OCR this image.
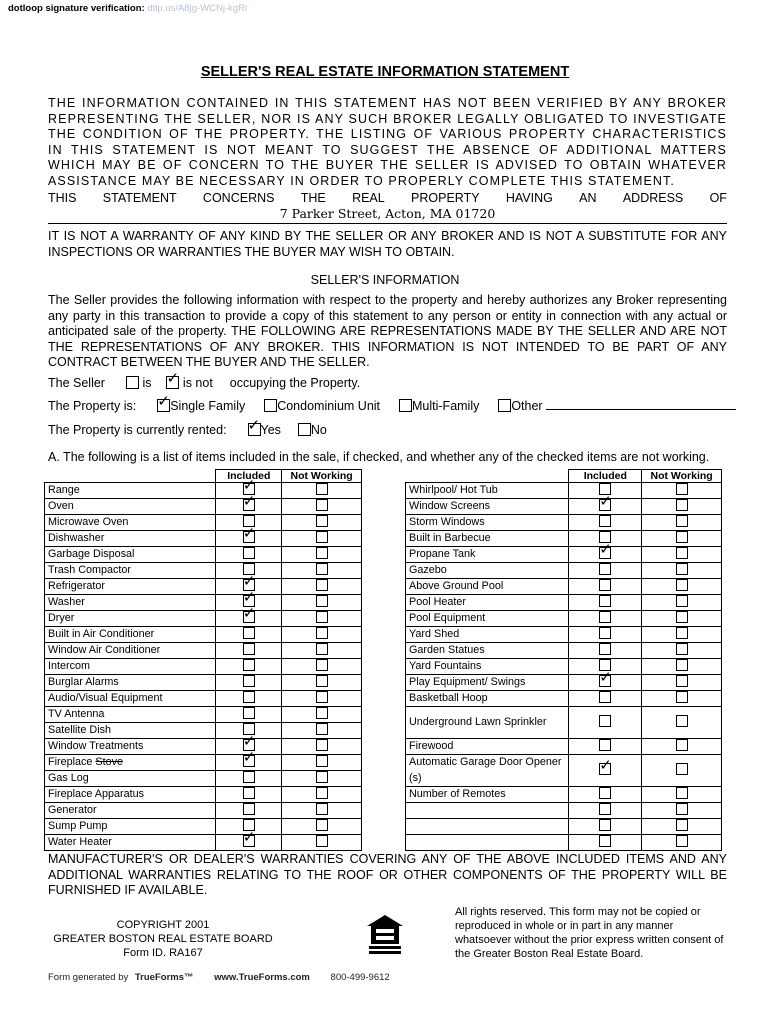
dotloop signature verification: dtlp.us/A8jg-WCNj-kgRi
SELLER'S REAL ESTATE INFORMATION STATEMENT
THE INFORMATION CONTAINED IN THIS STATEMENT HAS NOT BEEN VERIFIED BY ANY BROKER REPRESENTING THE SELLER, NOR IS ANY SUCH BROKER LEGALLY OBLIGATED TO INVESTIGATE THE CONDITION OF THE PROPERTY. THE LISTING OF VARIOUS PROPERTY CHARACTERISTICS IN THIS STATEMENT IS NOT MEANT TO SUGGEST THE ABSENCE OF ADDITIONAL MATTERS WHICH MAY BE OF CONCERN TO THE BUYER THE SELLER IS ADVISED TO OBTAIN WHATEVER ASSISTANCE MAY BE NECESSARY IN ORDER TO PROPERLY COMPLETE THIS STATEMENT.
THIS STATEMENT CONCERNS THE REAL PROPERTY HAVING AN ADDRESS OF
7 Parker Street, Acton, MA 01720
IT IS NOT A WARRANTY OF ANY KIND BY THE SELLER OR ANY BROKER AND IS NOT A SUBSTITUTE FOR ANY INSPECTIONS OR WARRANTIES THE BUYER MAY WISH TO OBTAIN.
SELLER'S INFORMATION
The Seller provides the following information with respect to the property and hereby authorizes any Broker representing any party in this transaction to provide a copy of this statement to any person or entity in connection with any actual or anticipated sale of the property. THE FOLLOWING ARE REPRESENTATIONS MADE BY THE SELLER AND ARE NOT THE REPRESENTATIONS OF ANY BROKER. THIS INFORMATION IS NOT INTENDED TO BE PART OF ANY CONTRACT BETWEEN THE BUYER AND THE SELLER.
The Seller	is ✓ is not occupying the Property.
The Property is: ✓ Single Family	Condominium Unit	Multi-Family	Other
The Property is currently rented: ✓ Yes No
A. The following is a list of items included in the sale, if checked, and whether any of the checked items are not working.
	Included	Not Working
Range	✓	

Oven	✓	

Microwave Oven		
Dishwasher	✓	

Garbage Disposal		
Trash Compactor		
Refrigerator	✓	

Washer	✓	

Dryer	✓	

Built in Air Conditioner		
Window Air Conditioner		
Intercom		
Burglar Alarms		
Audio/Visual Equipment		
TV Antenna		
Satellite Dish		
Window Treatments	✓	

Fireplace Stove	✓	

Gas Log		
Fireplace Apparatus		
Generator		
Sump Pump		
Water Heater	✓	

	Included	Not Working
Whirlpool/ Hot Tub		
Window Screens	✓	

Storm Windows		
Built in Barbecue		
Propane Tank	✓	

Gazebo		
Above Ground Pool		
Pool Heater		
Pool Equipment		
Yard Shed		
Garden Statues		
Yard Fountains		
Play Equipment/ Swings	✓	

Basketball Hoop		
Underground Lawn Sprinkler		
Firewood		
Automatic Garage Door Opener (s)	✓	

Number of Remotes		

MANUFACTURER'S OR DEALER'S WARRANTIES COVERING ANY OF THE ABOVE INCLUDED ITEMS AND ANY ADDITIONAL WARRANTIES RELATING TO THE ROOF OR OTHER COMPONENTS OF THE PROPERTY WILL BE FURNISHED IF AVAILABLE.
COPYRIGHT 2001
GREATER BOSTON REAL ESTATE BOARD
Form ID. RA167
All rights reserved. This form may not be copied or reproduced in whole or in part in any manner whatsoever without the prior express written consent of the Greater Boston Real Estate Board.
Form generated by TrueForms™ www.TrueForms.com 800-499-9612
